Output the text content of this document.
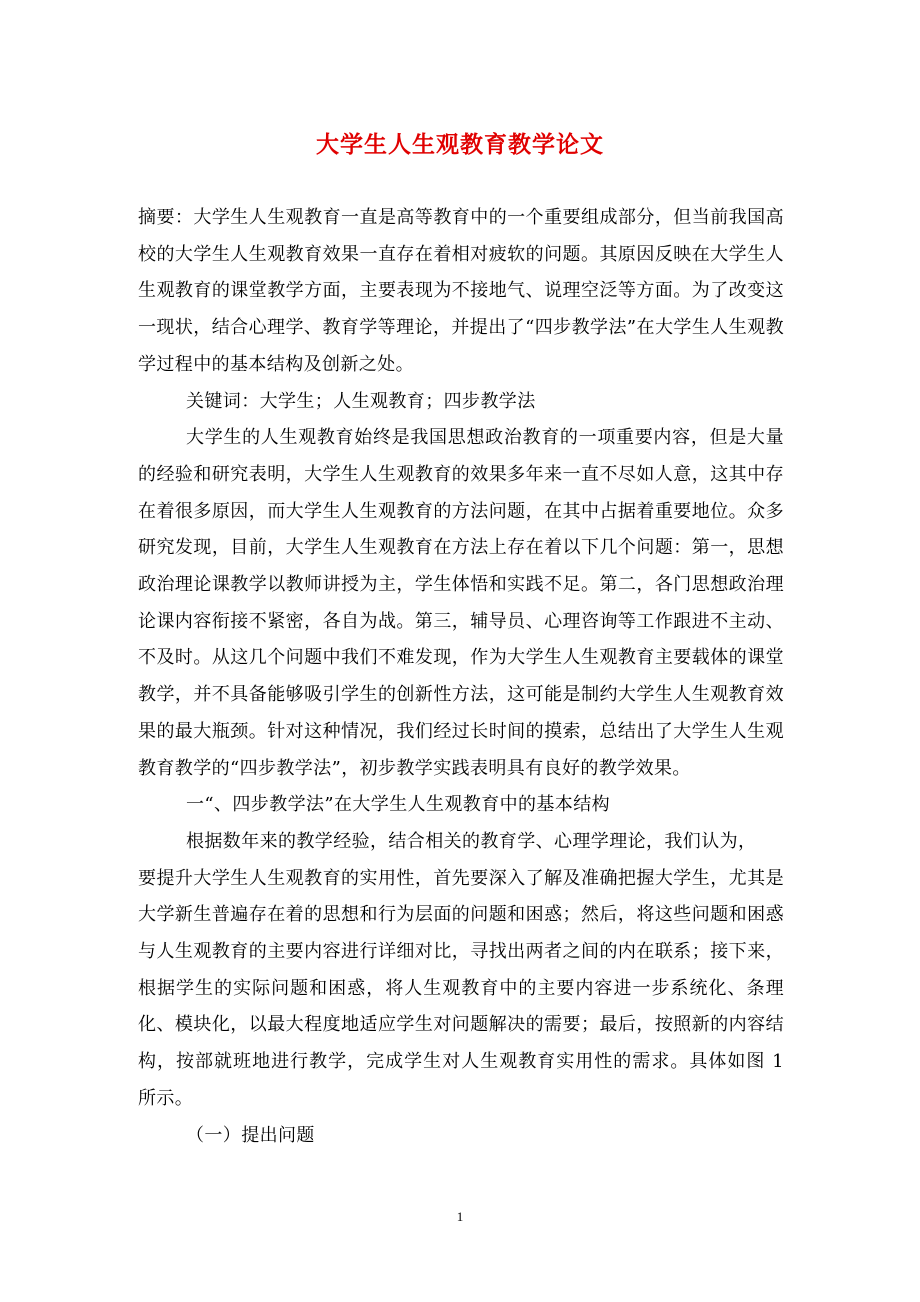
大学生人生观教育教学论文

摘要：大学生人生观教育一直是高等教育中的一个重要组成部分，但当前我国高校的大学生人生观教育效果一直存在着相对疲软的问题。其原因反映在大学生人生观教育的课堂教学方面，主要表现为不接地气、说理空泛等方面。为了改变这一现状，结合心理学、教育学等理论，并提出了“四步教学法”在大学生人生观教学过程中的基本结构及创新之处。

关键词：大学生；人生观教育；四步教学法

大学生的人生观教育始终是我国思想政治教育的一项重要内容，但是大量的经验和研究表明，大学生人生观教育的效果多年来一直不尽如人意，这其中存在着很多原因，而大学生人生观教育的方法问题，在其中占据着重要地位。众多研究发现，目前，大学生人生观教育在方法上存在着以下几个问题：第一，思想政治理论课教学以教师讲授为主，学生体悟和实践不足。第二，各门思想政治理论课内容衔接不紧密，各自为战。第三，辅导员、心理咨询等工作跟进不主动、不及时。从这几个问题中我们不难发现，作为大学生人生观教育主要载体的课堂教学，并不具备能够吸引学生的创新性方法，这可能是制约大学生人生观教育效果的最大瓶颈。针对这种情况，我们经过长时间的摸索，总结出了大学生人生观教育教学的“四步教学法”，初步教学实践表明具有良好的教学效果。

一“、四步教学法”在大学生人生观教育中的基本结构

根据数年来的教学经验，结合相关的教育学、心理学理论，我们认为，

要提升大学生人生观教育的实用性，首先要深入了解及准确把握大学生，尤其是大学新生普遍存在着的思想和行为层面的问题和困惑；然后，将这些问题和困惑与人生观教育的主要内容进行详细对比，寻找出两者之间的内在联系；接下来，根据学生的实际问题和困惑，将人生观教育中的主要内容进一步系统化、条理化、模块化，以最大程度地适应学生对问题解决的需要；最后，按照新的内容结构，按部就班地进行教学，完成学生对人生观教育实用性的需求。具体如图 1 所示。

（一）提出问题

1
